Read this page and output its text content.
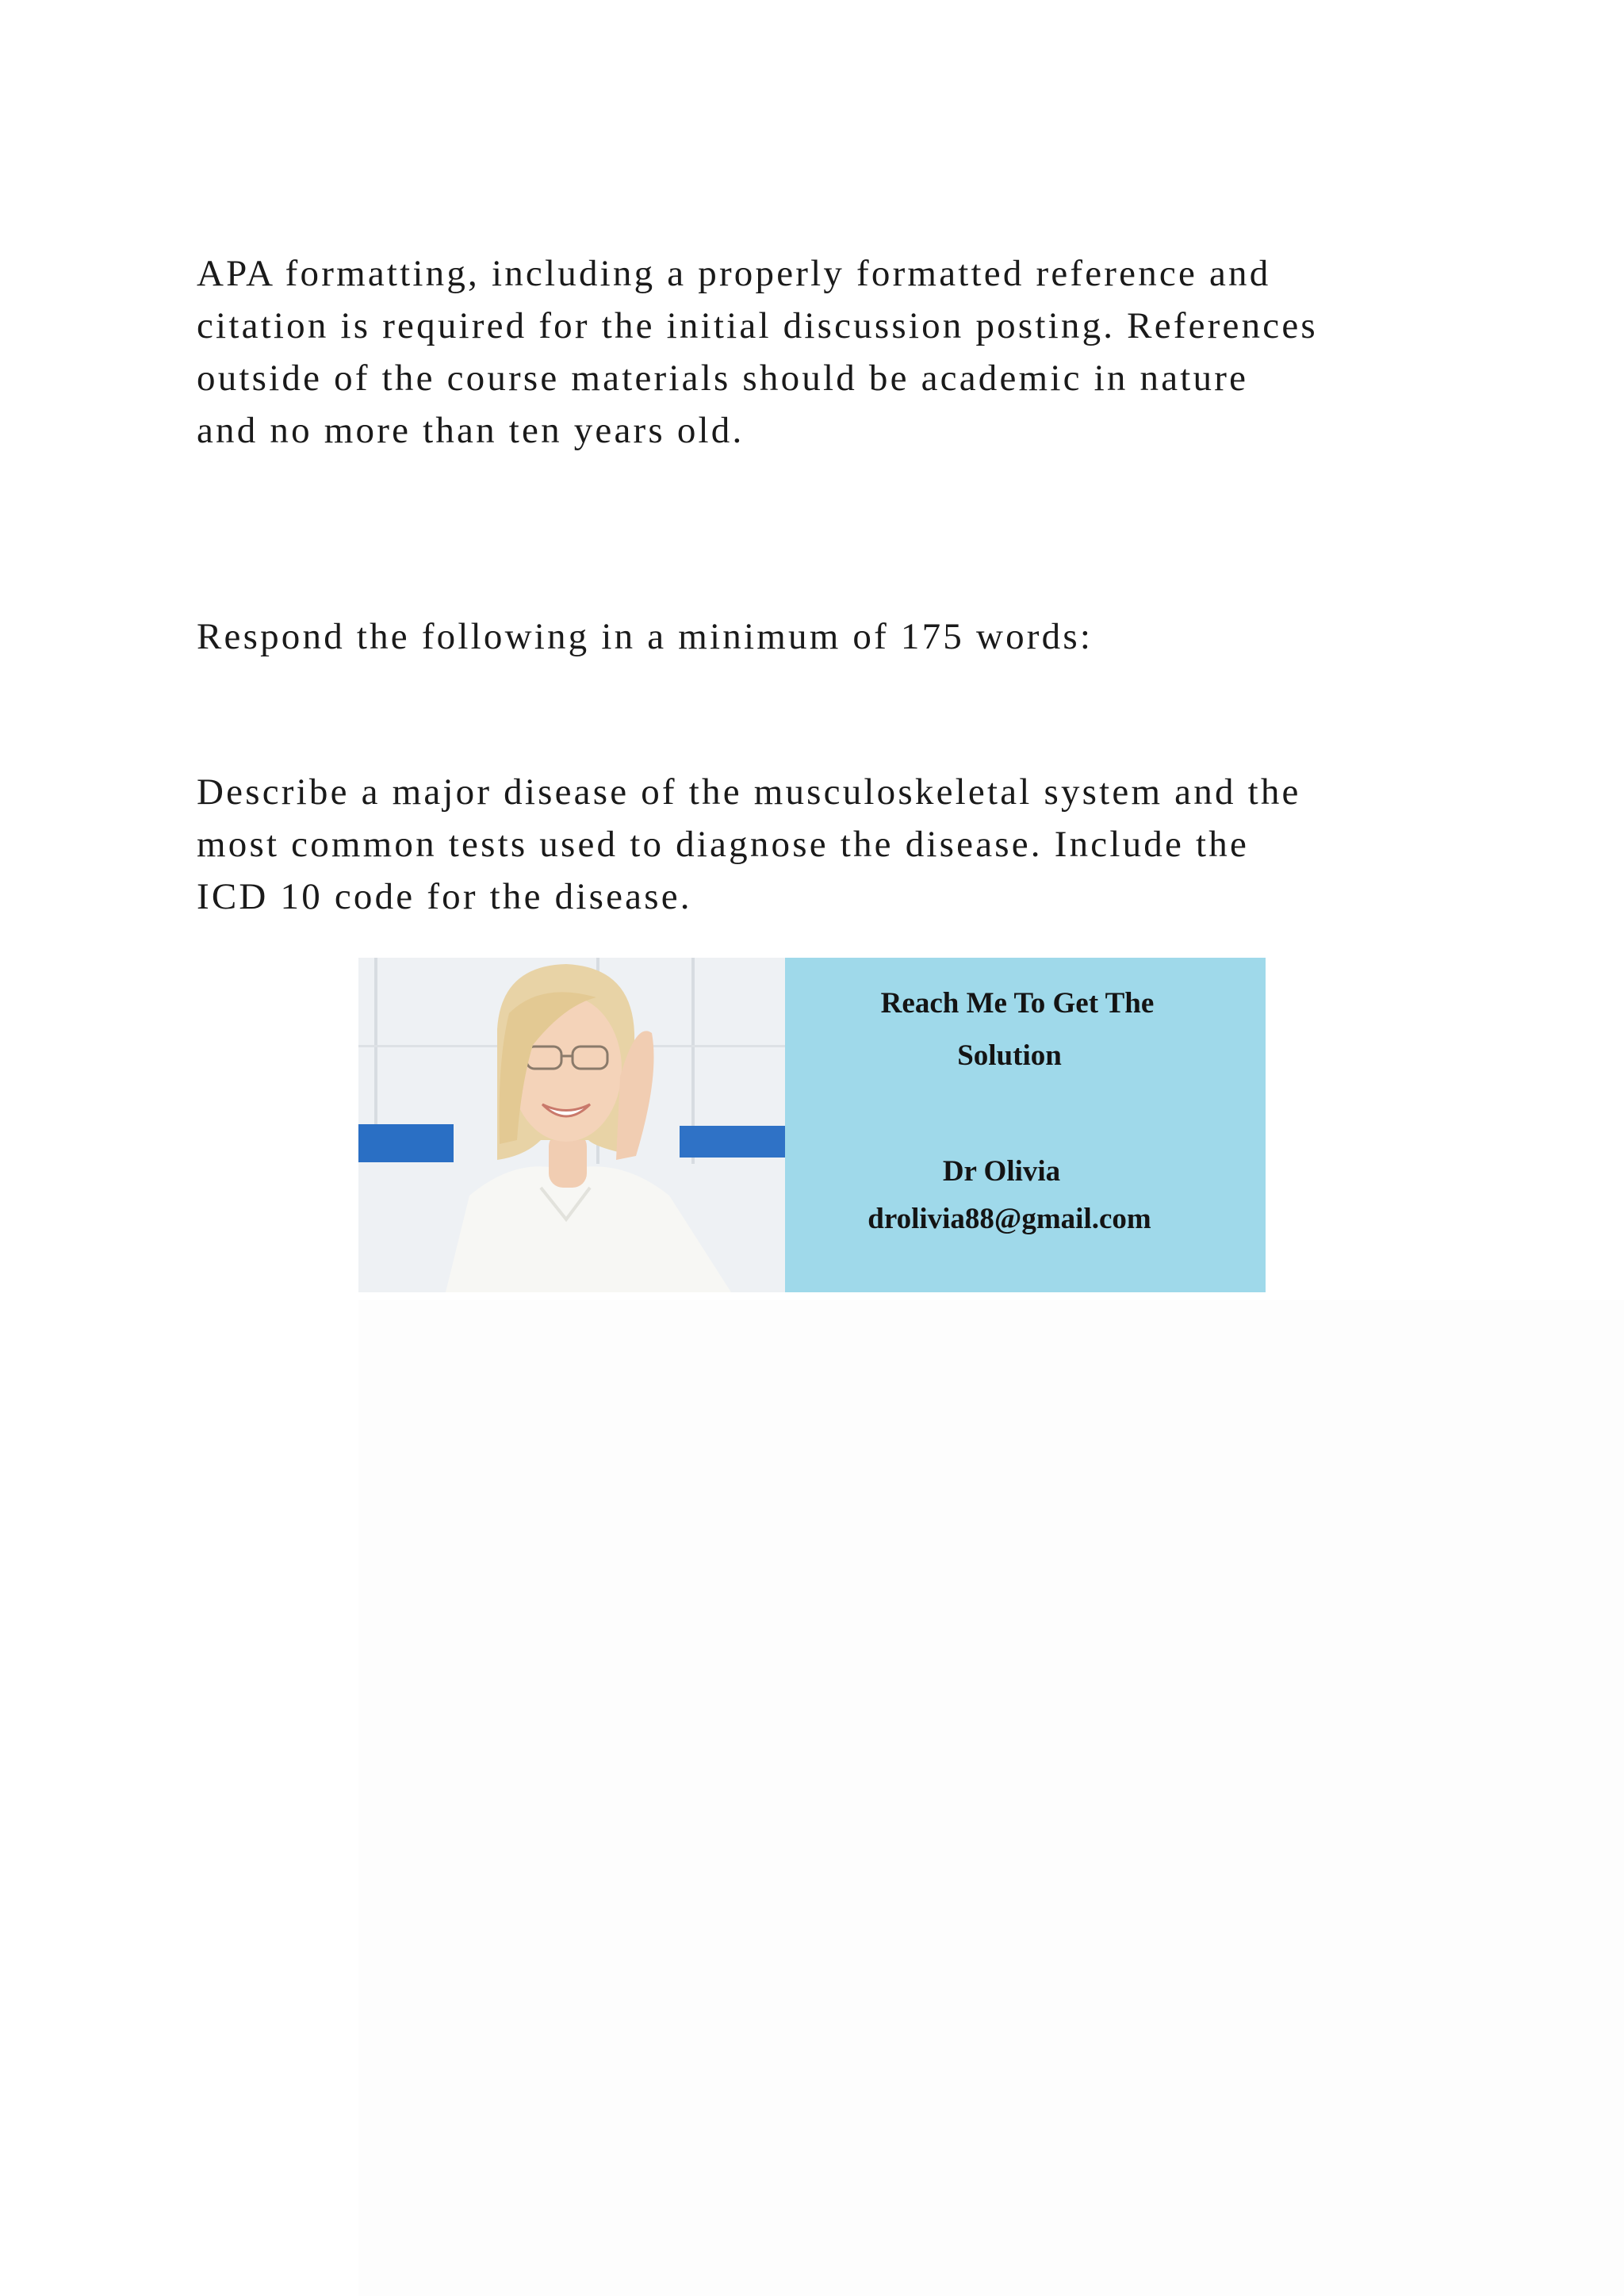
APA formatting, including a properly formatted reference and
citation is required for the initial discussion posting. References
outside of the course materials should be academic in nature
and no more than ten years old.

Respond the following in a minimum of 175 words:

Describe a major disease of the musculoskeletal system and the
most common tests used to diagnose the disease. Include the
ICD 10 code for the disease.

Reach Me To Get The
Solution
Dr Olivia
drolivia88@gmail.com
